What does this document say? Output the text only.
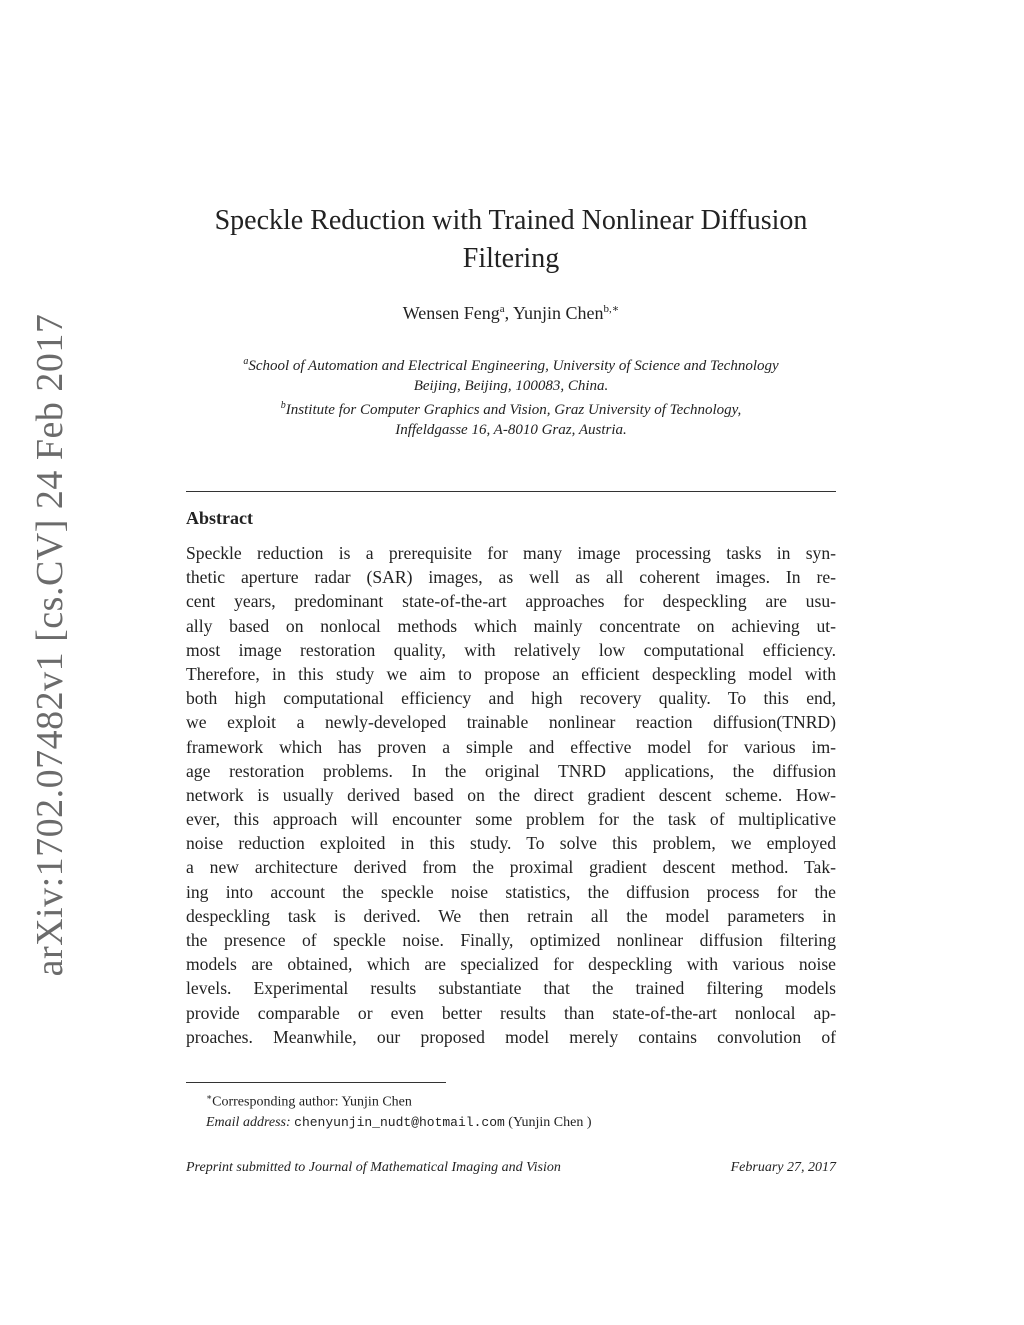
arXiv:1702.07482v1 [cs.CV] 24 Feb 2017
Speckle Reduction with Trained Nonlinear Diffusion
Filtering
Wensen Feng$^a$, Yunjin Chen$^{b,∗}$
$^a$School of Automation and Electrical Engineering, University of Science and Technology
Beijing, Beijing, 100083, China.
$^b$Institute for Computer Graphics and Vision, Graz University of Technology,
Inffeldgasse 16, A-8010 Graz, Austria.
Abstract
Speckle reduction is a prerequisite for many image processing tasks in syn-
thetic aperture radar (SAR) images, as well as all coherent images. In re-
cent years, predominant state-of-the-art approaches for despeckling are usu-
ally based on nonlocal methods which mainly concentrate on achieving ut-
most image restoration quality, with relatively low computational efficiency.
Therefore, in this study we aim to propose an efficient despeckling model with
both high computational efficiency and high recovery quality. To this end,
we exploit a newly-developed trainable nonlinear reaction diffusion(TNRD)
framework which has proven a simple and effective model for various im-
age restoration problems. In the original TNRD applications, the diffusion
network is usually derived based on the direct gradient descent scheme. How-
ever, this approach will encounter some problem for the task of multiplicative
noise reduction exploited in this study. To solve this problem, we employed
a new architecture derived from the proximal gradient descent method. Tak-
ing into account the speckle noise statistics, the diffusion process for the
despeckling task is derived. We then retrain all the model parameters in
the presence of speckle noise. Finally, optimized nonlinear diffusion filtering
models are obtained, which are specialized for despeckling with various noise
levels. Experimental results substantiate that the trained filtering models
provide comparable or even better results than state-of-the-art nonlocal ap-
proaches. Meanwhile, our proposed model merely contains convolution of
∗Corresponding author: Yunjin Chen
Email address: chenyunjin_nudt@hotmail.com (Yunjin Chen )
Preprint submitted to Journal of Mathematical Imaging and Vision	February 27, 2017
